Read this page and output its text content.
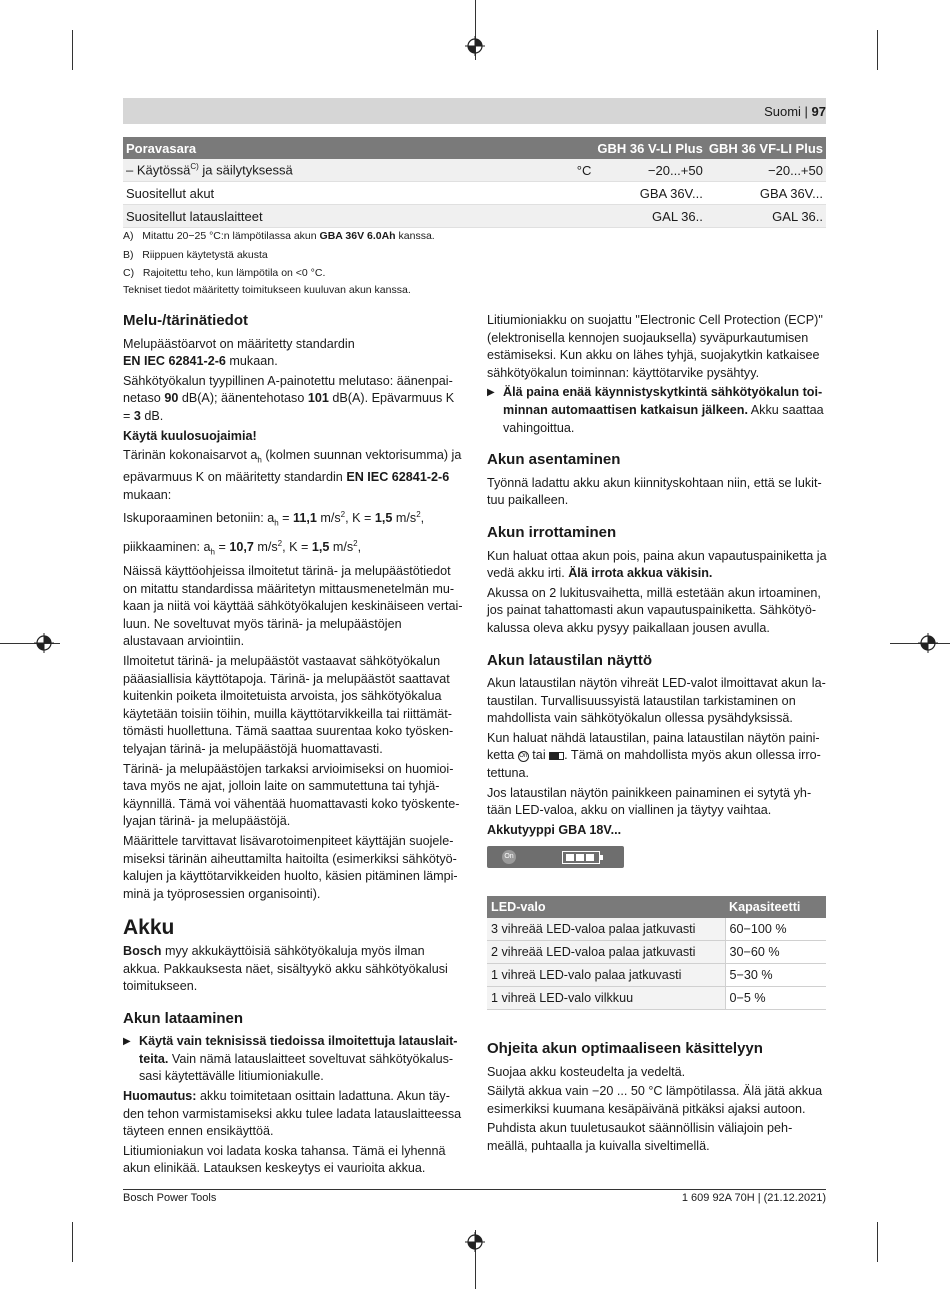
Suomi | 97
Poravasara		GBH 36 V-LI Plus	GBH 36 VF-LI Plus
– Käytössä$^{C)}$ ja säilytyksessä	°C	−20...+50	−20...+50
Suositellut akut		GBA 36V...	GBA 36V...
Suositellut latauslaitteet		GAL 36..	GAL 36..
A) Mitattu 20−25 °C:n lämpötilassa akun GBA 36V 6.0Ah kanssa.
B) Riippuen käytetystä akusta
C) Rajoitettu teho, kun lämpötila on <0 °C.
Tekniset tiedot määritetty toimitukseen kuuluvan akun kanssa.
Melu-/tärinätiedot

Melupäästöarvot on määritetty standardin
EN IEC 62841-2-6 mukaan.

Sähkötyökalun tyypillinen A-painotettu melutaso: äänenpainetaso 90 dB(A); äänentehotaso 101 dB(A). Epävarmuus K = 3 dB.

Käytä kuulosuojaimia!

Tärinän kokonaisarvot $a_h$ (kolmen suunnan vektorisumma) ja epävarmuus K on määritetty standardin EN IEC 62841-2-6 mukaan:

Iskuporaaminen betoniin: $a_h = 11,1$ $m/s^2$, K = 1,5 $m/s^2$,

piikkaaminen: $a_h = 10,7$ $m/s^2$, K = 1,5 $m/s^2$,

Näissä käyttöohjeissa ilmoitetut tärinä- ja melupäästötiedot on mitattu standardissa määritetyn mittausmenetelmän mukaan ja niitä voi käyttää sähkötyökalujen keskinäiseen vertailuun. Ne soveltuvat myös tärinä- ja melupäästöjen alustavaan arviointiin.

Ilmoitetut tärinä- ja melupäästöt vastaavat sähkötyökalun pääasiallisia käyttötapoja. Tärinä- ja melupäästöt saattavat kuitenkin poiketa ilmoitetuista arvoista, jos sähkötyökalua käytetään toisiin töihin, muilla käyttötarvikkeilla tai riittämättömästi huollettuna. Tämä saattaa suurentaa koko työskentelyajan tärinä- ja melupäästöjä huomattavasti.

Tärinä- ja melupäästöjen tarkaksi arvioimiseksi on huomioitava myös ne ajat, jolloin laite on sammutettuna tai tyhjäkäynnillä. Tämä voi vähentää huomattavasti koko työskentelyajan tärinä- ja melupäästöjä.

Määrittele tarvittavat lisävarotoimenpiteet käyttäjän suojelemiseksi tärinän aiheuttamilta haitoilta (esimerkiksi sähkötyökalujen ja käyttötarvikkeiden huolto, käsien pitäminen lämpiminä ja työprosessien organisointi).

Akku

Bosch myy akkukäyttöisiä sähkötyökaluja myös ilman akkua. Pakkauksesta näet, sisältyykö akku sähkötyökalusi toimitukseen.

Akun lataaminen

▶ Käytä vain teknisissä tiedoissa ilmoitettuja latauslaitteita. Vain nämä latauslaitteet soveltuvat sähkötyökalussasi käytettävälle litiumioniakulle.

Huomautus: akku toimitetaan osittain ladattuna. Akun täyden tehon varmistamiseksi akku tulee ladata latauslaitteessa täyteen ennen ensikäyttöä.

Litiumioniakun voi ladata koska tahansa. Tämä ei lyhennä akun elinikää. Latauksen keskeytys ei vaurioita akkua.

Litiumioniakku on suojattu "Electronic Cell Protection (ECP)" (elektronisella kennojen suojauksella) syväpurkautumisen estämiseksi. Kun akku on lähes tyhjä, suojakytkin katkaisee sähkötyökalun toiminnan: käyttötarvike pysähtyy.

▶ Älä paina enää käynnistyskytkintä sähkötyökalun toiminnan automaattisen katkaisun jälkeen. Akku saattaa vahingoittua.

Akun asentaminen

Työnnä ladattu akku akun kiinnityskohtaan niin, että se lukittuu paikalleen.

Akun irrottaminen

Kun haluat ottaa akun pois, paina akun vapautuspainiketta ja vedä akku irti. Älä irrota akkua väkisin.

Akussa on 2 lukitusvaihetta, millä estetään akun irtoaminen, jos painat tahattomasti akun vapautuspainiketta. Sähkötyökalussa oleva akku pysyy paikallaan jousen avulla.

Akun lataustilan näyttö

Akun lataustilan näytön vihreät LED-valot ilmoittavat akun lataustilan. Turvallisuussyistä lataustilan tarkistaminen on mahdollista vain sähkötyökalun ollessa pysähdyksissä.

Kun haluat nähdä lataustilan, paina lataustilan näytön painiketta On tai . Tämä on mahdollista myös akun ollessa irrotettuna.

Jos lataustilan näytön painikkeen painaminen ei sytytä yhtään LED-valoa, akku on viallinen ja täytyy vaihtaa.

Akkutyyppi GBA 18V...

On
LED-valo	Kapasiteetti
3 vihreää LED-valoa palaa jatkuvasti	60−100 %
2 vihreää LED-valoa palaa jatkuvasti	30−60 %
1 vihreä LED-valo palaa jatkuvasti	5−30 %
1 vihreä LED-valo vilkkuu	0−5 %
Ohjeita akun optimaaliseen käsittelyyn

Suojaa akku kosteudelta ja vedeltä.

Säilytä akkua vain −20 ... 50 °C lämpötilassa. Älä jätä akkua esimerkiksi kuumana kesäpäivänä pitkäksi ajaksi autoon.

Puhdista akun tuuletusaukot säännöllisin väliajoin pehmeällä, puhtaalla ja kuivalla siveltimellä.

Bosch Power Tools	1 609 92A 70H | (21.12.2021)
